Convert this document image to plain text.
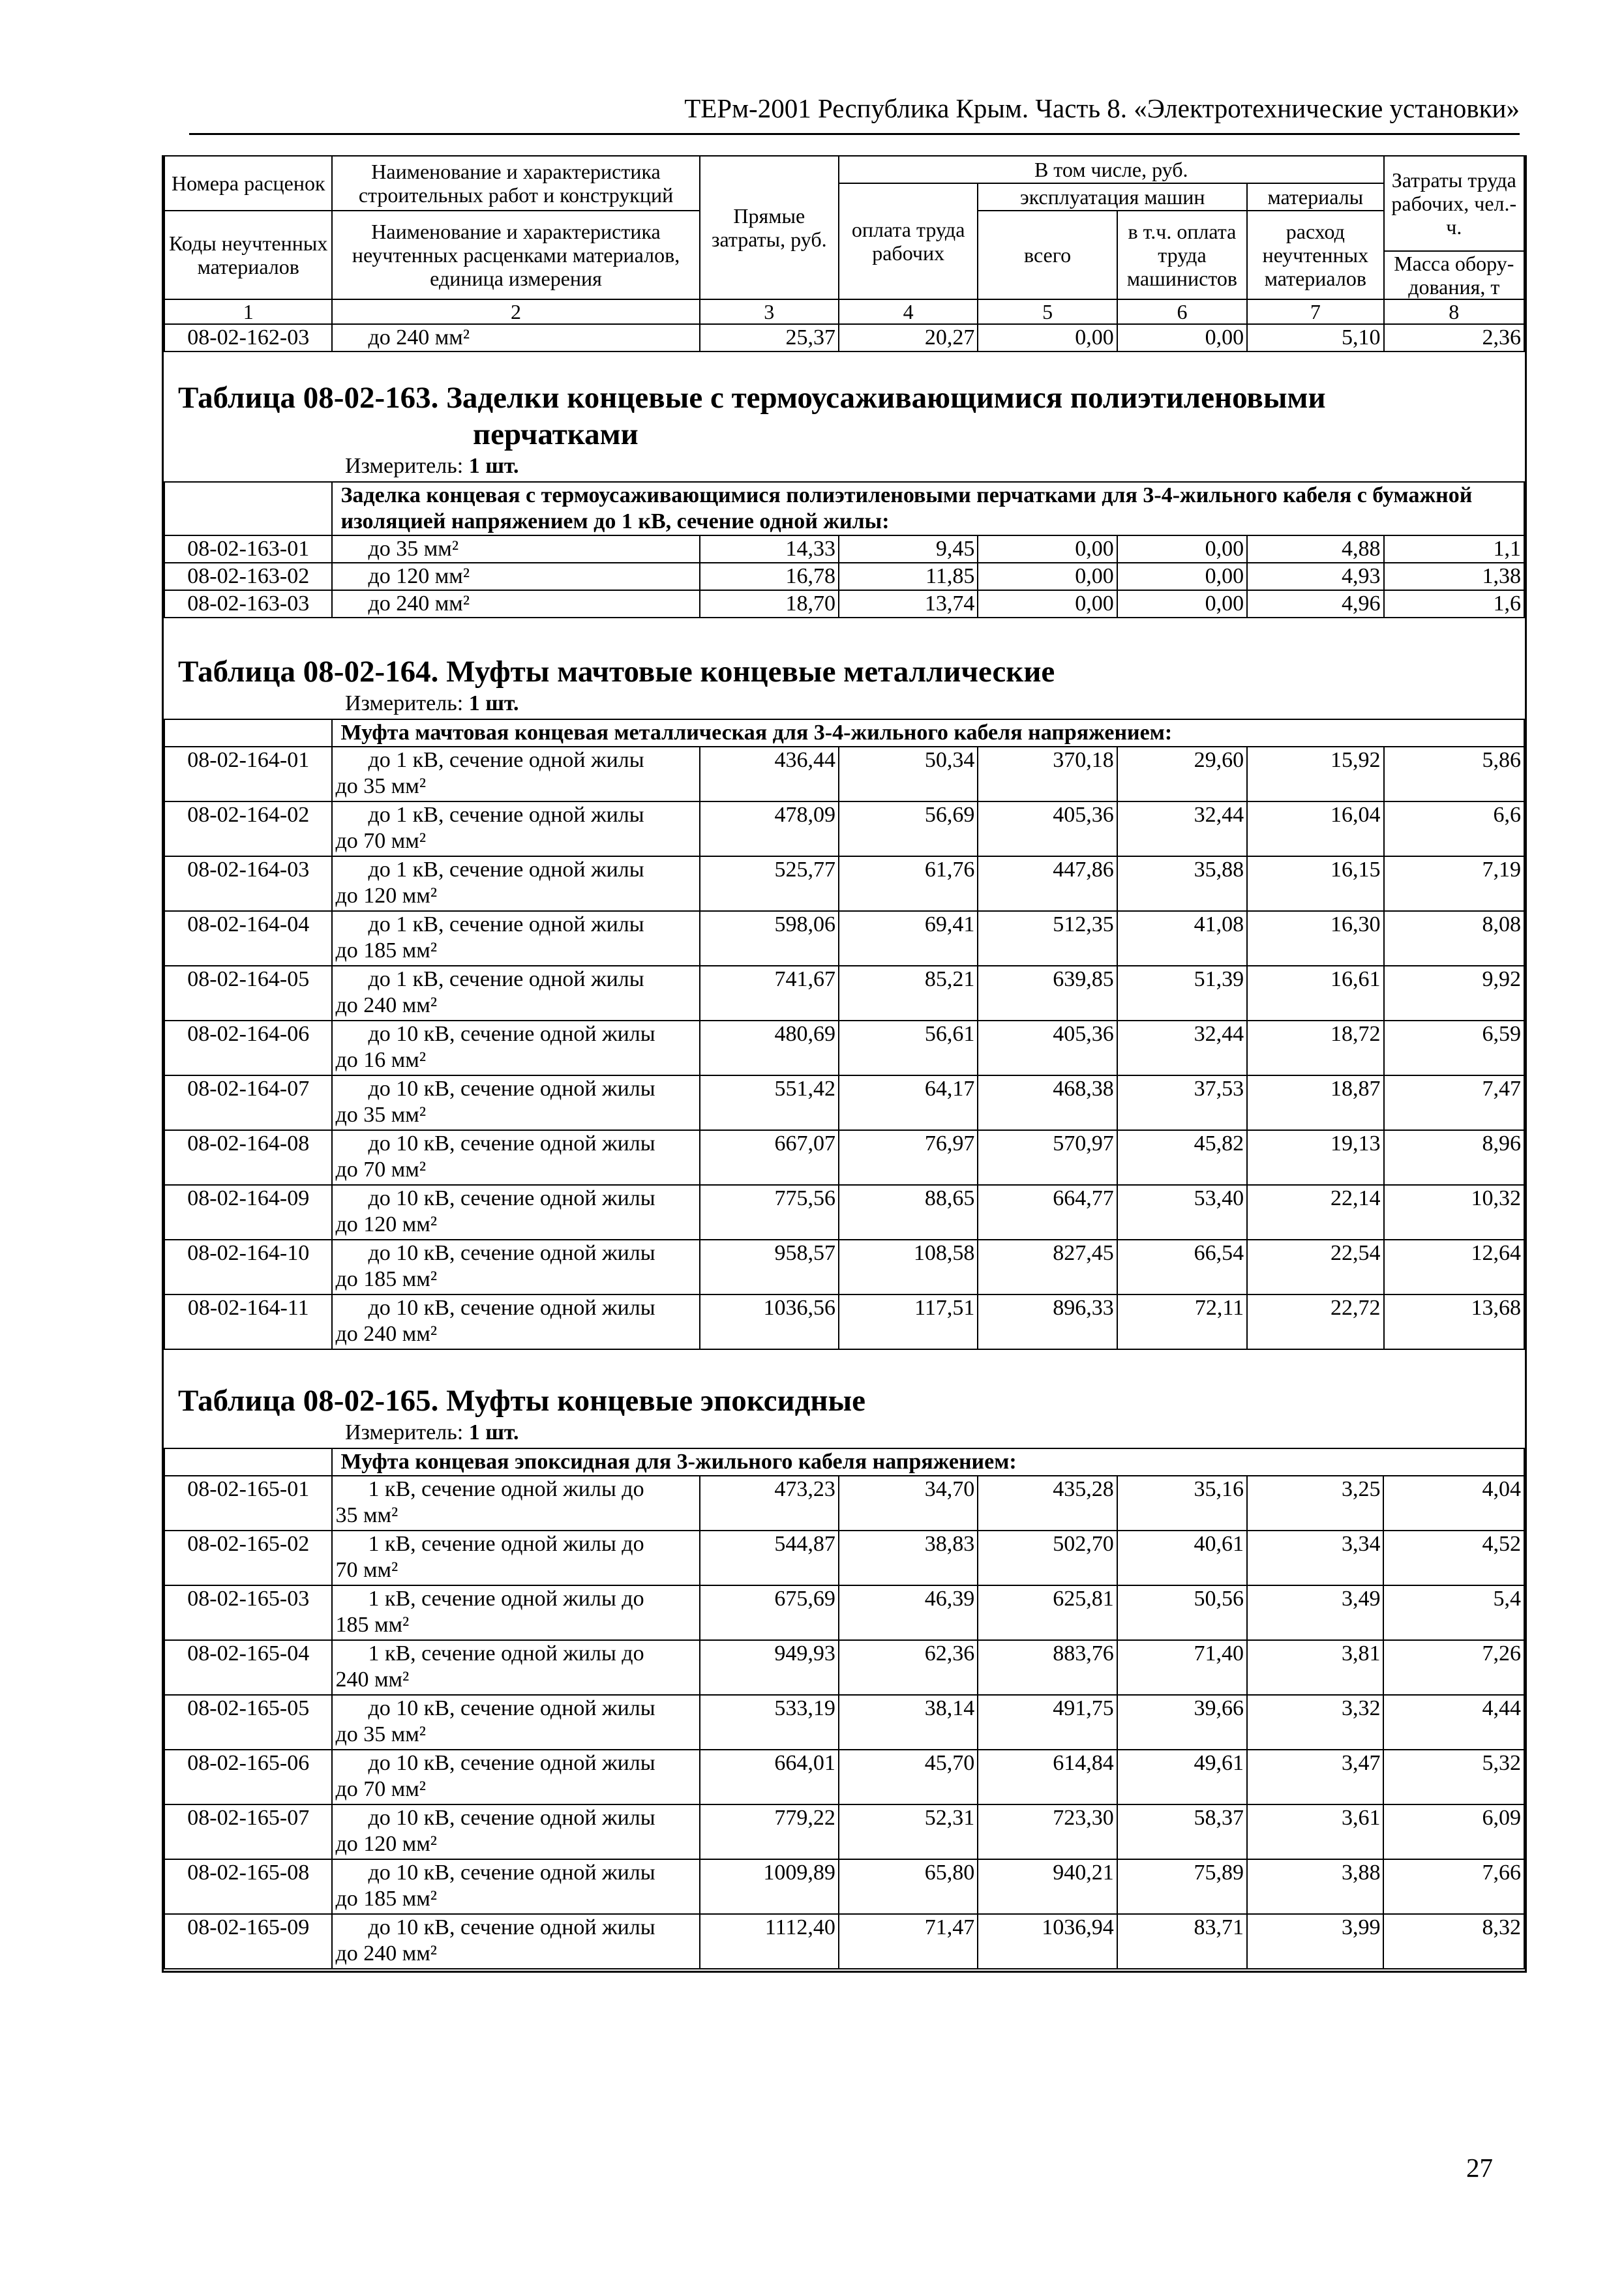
ТЕРм-2001 Республика Крым. Часть 8. «Электротехнические установки»
Номера расценок	Наименование и характеристика строительных работ и конструкций	Прямые затраты, руб.	В том числе, руб.				Затраты труда рабочих, чел.-ч.
			оплата труда рабочих	эксплуатация машин		материалы	
Коды неучтенных материалов	Наименование и характеристика неучтенных расценками материалов, единица измерения			всего	в т.ч. оплата труда машинистов	расход неучтенных материалов	
							Масса обору-дования, т
1	2	3	4	5	6	7	8
08-02-162-03	до 240 мм²	25,37	20,27	0,00	0,00	5,10	2,36
Таблица 08-02-163. Заделки концевые с термоусаживающимися полиэтиленовыми
перчатками
Измеритель: 1 шт.
	Заделка концевая с термоусаживающимися полиэтиленовыми перчатками для 3-4-жильного кабеля с бумажной изоляцией напряжением до 1 кВ, сечение одной жилы:						
08-02-163-01	до 35 мм²	14,33	9,45	0,00	0,00	4,88	1,1
08-02-163-02	до 120 мм²	16,78	11,85	0,00	0,00	4,93	1,38
08-02-163-03	до 240 мм²	18,70	13,74	0,00	0,00	4,96	1,6
Таблица 08-02-164. Муфты мачтовые концевые металлические
Измеритель: 1 шт.
	Муфта мачтовая концевая металлическая для 3-4-жильного кабеля напряжением:						
08-02-164-01	до 1 кВ, сечение одной жилы
до 35 мм²	436,44	50,34	370,18	29,60	15,92	5,86
08-02-164-02	до 1 кВ, сечение одной жилы
до 70 мм²	478,09	56,69	405,36	32,44	16,04	6,6
08-02-164-03	до 1 кВ, сечение одной жилы
до 120 мм²	525,77	61,76	447,86	35,88	16,15	7,19
08-02-164-04	до 1 кВ, сечение одной жилы
до 185 мм²	598,06	69,41	512,35	41,08	16,30	8,08
08-02-164-05	до 1 кВ, сечение одной жилы
до 240 мм²	741,67	85,21	639,85	51,39	16,61	9,92
08-02-164-06	до 10 кВ, сечение одной жилы
до 16 мм²	480,69	56,61	405,36	32,44	18,72	6,59
08-02-164-07	до 10 кВ, сечение одной жилы
до 35 мм²	551,42	64,17	468,38	37,53	18,87	7,47
08-02-164-08	до 10 кВ, сечение одной жилы
до 70 мм²	667,07	76,97	570,97	45,82	19,13	8,96
08-02-164-09	до 10 кВ, сечение одной жилы
до 120 мм²	775,56	88,65	664,77	53,40	22,14	10,32
08-02-164-10	до 10 кВ, сечение одной жилы
до 185 мм²	958,57	108,58	827,45	66,54	22,54	12,64
08-02-164-11	до 10 кВ, сечение одной жилы
до 240 мм²	1036,56	117,51	896,33	72,11	22,72	13,68
Таблица 08-02-165. Муфты концевые эпоксидные
Измеритель: 1 шт.
	Муфта концевая эпоксидная для 3-жильного кабеля напряжением:						
08-02-165-01	1 кВ, сечение одной жилы до
35 мм²	473,23	34,70	435,28	35,16	3,25	4,04
08-02-165-02	1 кВ, сечение одной жилы до
70 мм²	544,87	38,83	502,70	40,61	3,34	4,52
08-02-165-03	1 кВ, сечение одной жилы до
185 мм²	675,69	46,39	625,81	50,56	3,49	5,4
08-02-165-04	1 кВ, сечение одной жилы до
240 мм²	949,93	62,36	883,76	71,40	3,81	7,26
08-02-165-05	до 10 кВ, сечение одной жилы
до 35 мм²	533,19	38,14	491,75	39,66	3,32	4,44
08-02-165-06	до 10 кВ, сечение одной жилы
до 70 мм²	664,01	45,70	614,84	49,61	3,47	5,32
08-02-165-07	до 10 кВ, сечение одной жилы
до 120 мм²	779,22	52,31	723,30	58,37	3,61	6,09
08-02-165-08	до 10 кВ, сечение одной жилы
до 185 мм²	1009,89	65,80	940,21	75,89	3,88	7,66
08-02-165-09	до 10 кВ, сечение одной жилы
до 240 мм²	1112,40	71,47	1036,94	83,71	3,99	8,32
27
